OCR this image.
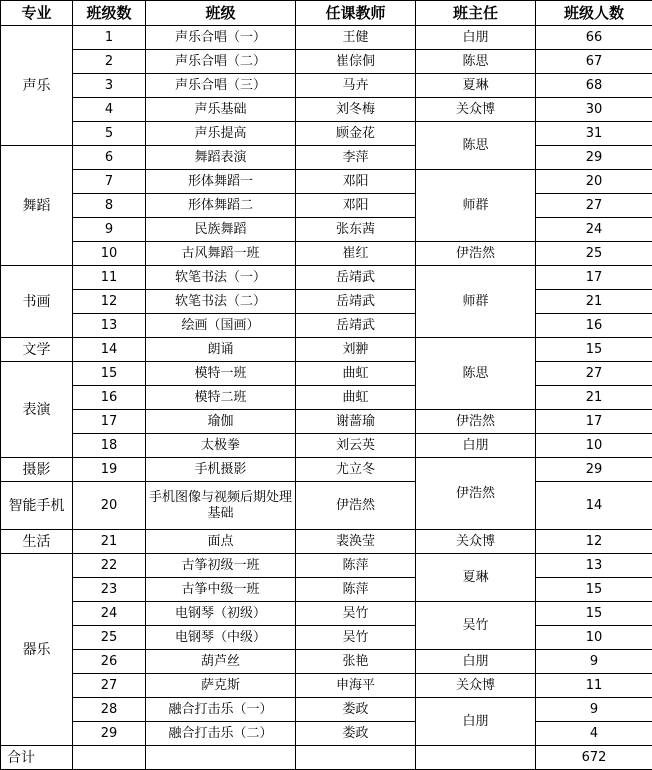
专业	班级数	班级	任课教师	班主任	班级人数
声乐	1	声乐合唱（一）	王健	白朋	66
	2	声乐合唱（二）	崔倧侗	陈思	67
	3	声乐合唱（三）	马卉	夏琳	68
	4	声乐基础	刘冬梅	关众博	30
	5	声乐提高	顾金花	陈思	31
舞蹈	6	舞蹈表演	李萍		29
	7	形体舞蹈一	邓阳	师群	20
	8	形体舞蹈二	邓阳		27
	9	民族舞蹈	张东茜		24
	10	古风舞蹈一班	崔红	伊浩然	25
书画	11	软笔书法（一）	岳靖武	师群	17
	12	软笔书法（二）	岳靖武		21
	13	绘画（国画）	岳靖武		16
文学	14	朗诵	刘翀	陈思	15
表演	15	模特一班	曲虹		27
	16	模特二班	曲虹		21
	17	瑜伽	谢蔷瑜	伊浩然	17
	18	太极拳	刘云英	白朋	10
摄影	19	手机摄影	尤立冬	伊浩然	29
智能手机	20	手机图像与视频后期处理基础	伊浩然		14
生活	21	面点	裴涣莹	关众博	12
器乐	22	古筝初级一班	陈萍	夏琳	13
	23	古筝中级一班	陈萍		15
	24	电钢琴（初级）	吴竹	吴竹	15
	25	电钢琴（中级）	吴竹		10
	26	葫芦丝	张艳	白朋	9
	27	萨克斯	申海平	关众博	11
	28	融合打击乐（一）	娄政	白朋	9
	29	融合打击乐（二）	娄政		4
合计					672
